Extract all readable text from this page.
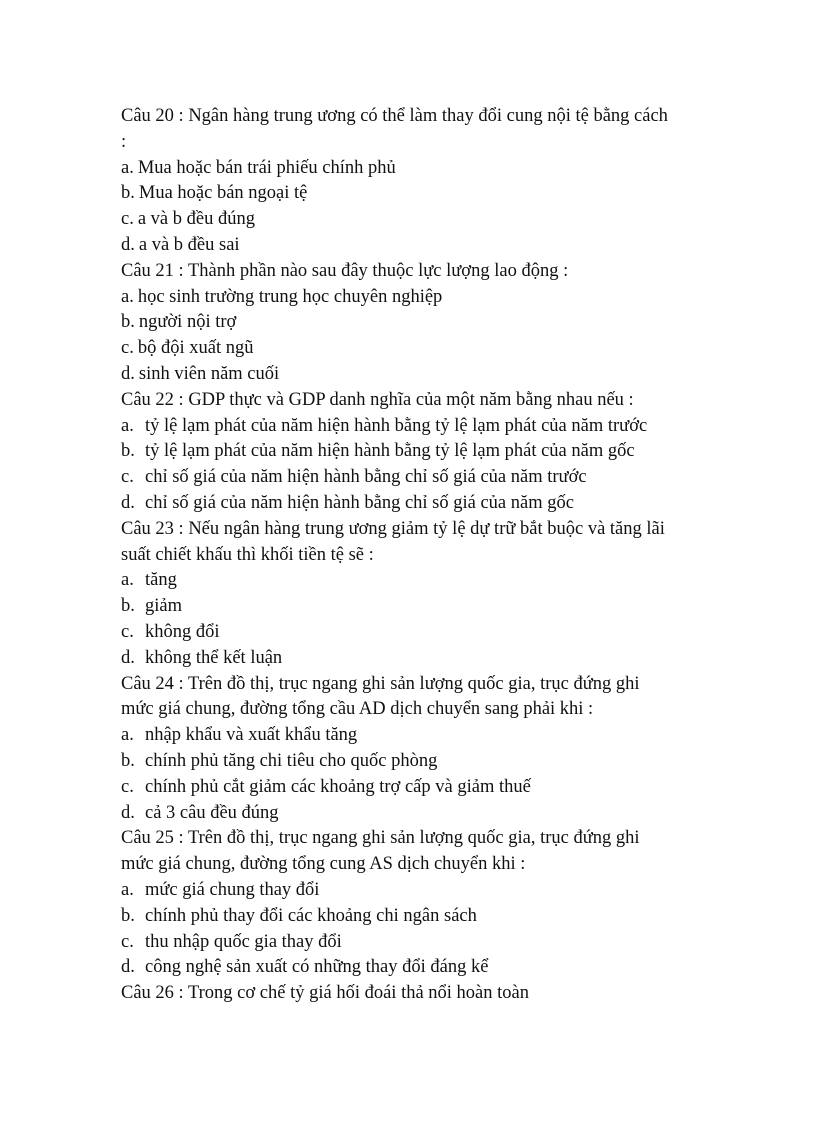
Câu 20 : Ngân hàng trung ương có thể làm thay đổi cung nội tệ bằng cách
:
a. Mua hoặc bán trái phiếu chính phủ
b. Mua hoặc bán ngoại tệ
c. a và b đều đúng
d. a và b đều sai
Câu 21 : Thành phần nào sau đây thuộc lực lượng lao động :
a. học sinh trường trung học chuyên nghiệp
b. người nội trợ
c. bộ đội xuất ngũ
d. sinh viên năm cuối
Câu 22 : GDP thực và GDP danh nghĩa của một năm bằng nhau nếu :
a. tỷ lệ lạm phát của năm hiện hành bằng tỷ lệ lạm phát của năm trước
b. tỷ lệ lạm phát của năm hiện hành bằng tỷ lệ lạm phát của năm gốc
c. chỉ số giá của năm hiện hành bằng chỉ số giá của năm trước
d. chỉ số giá của năm hiện hành bằng chỉ số giá của năm gốc
Câu 23 : Nếu ngân hàng trung ương giảm tỷ lệ dự trữ bắt buộc và tăng lãi
suất chiết khấu thì khối tiền tệ sẽ :
a. tăng
b. giảm
c. không đổi
d. không thể kết luận
Câu 24 : Trên đồ thị, trục ngang ghi sản lượng quốc gia, trục đứng ghi
mức giá chung, đường tổng cầu AD dịch chuyển sang phải khi :
a. nhập khẩu và xuất khẩu tăng
b. chính phủ tăng chi tiêu cho quốc phòng
c. chính phủ cắt giảm các khoảng trợ cấp và giảm thuế
d. cả 3 câu đều đúng
Câu 25 : Trên đồ thị, trục ngang ghi sản lượng quốc gia, trục đứng ghi
mức giá chung, đường tổng cung AS dịch chuyển khi :
a. mức giá chung thay đổi
b. chính phủ thay đổi các khoảng chi ngân sách
c. thu nhập quốc gia thay đổi
d. công nghệ sản xuất có những thay đổi đáng kể
Câu 26 : Trong cơ chế tỷ giá hối đoái thả nổi hoàn toàn
